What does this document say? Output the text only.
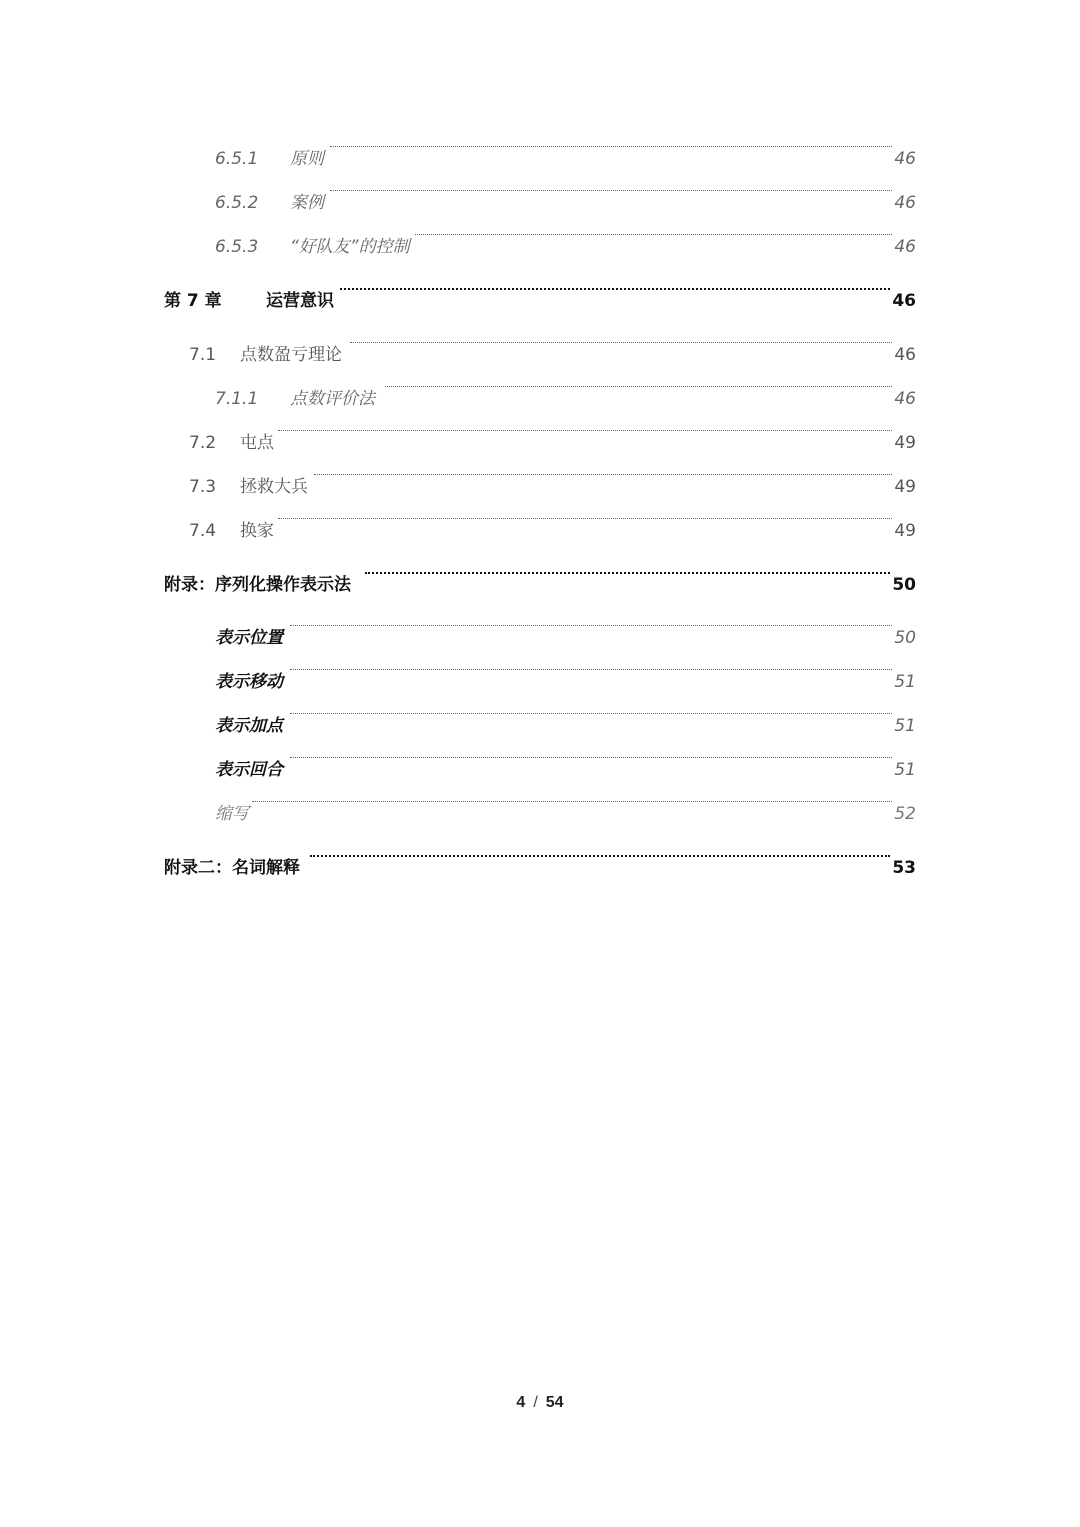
6.5.1 原则	46
6.5.2 案例	46
6.5.3 “好队友”的控制	46
第 7 章	运营意识	46
7.1 点数盈亏理论	46
7.1.1 点数评价法	46
7.2 屯点	49
7.3 拯救大兵	49
7.4 换家	49
附录：序列化操作表示法	50
表示位置	50
表示移动	51
表示加点	51
表示回合	51
缩写	52
附录二：名词解释	53
4 / 54
